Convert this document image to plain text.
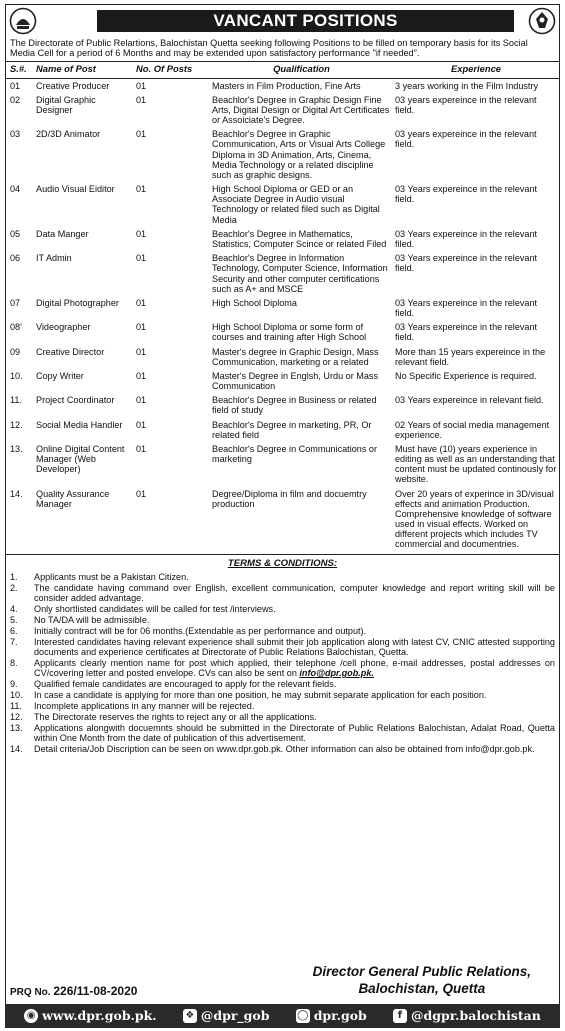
VANCANT POSITIONS
The Directorate of Public Relartions, Balochistan Quetta seeking following Positions to be filled on temporary basis for its Social Media Cell for a period of 6 Months and may be extended upon satisfactory performance "if needed".
S.#.	Name of Post	No. Of Posts	Qualification	Experience
01	Creative Producer	01	Masters in Film Production, Fine Arts	3 years working in the Film Industry
02	Digital Graphic Designer	01	Beachlor's Degree in Graphic Design Fine Arts, Digital Design or Digital Art Certificates or Assoiciate's Degree.	03 years expereince in the relevant field.
03	2D/3D Animator	01	Beachlor's Degree in Graphic Communication, Arts or Visual Arts College Diploma in 3D Animation, Arts, Cinema, Media Technology or a related discipline such as graphic designs.	03 years expereince in the relevant field.
04	Audio Visual Eiditor	01	High School Diploma or GED or an Associate Degree in Audio visual Technology or related filed such as Digital Media	03 Years expereince in the relevant field.
05	Data Manger	01	Beachlor's Degree in Mathematics, Statistics, Computer Scince or related Filed	03 Years expereince in the relevant filed.
06	IT Admin	01	Beachlor's Degree in Information Technology, Computer Science, Information Security and other computer certifications such as A+ and MSCE	03 Years expereince in the relevant field.
07	Digital Photographer	01	High School Diploma	03 Years expereince in the relevant field.
08'	Videographer	01	High School Diploma or some form of courses and training after High School	03 Years expereince in the relevant field.
09	Creative Director	01	Master's degree in Graphic Design, Mass Communication, marketing or a related	More than 15 years expereince in the relevant field.
10.	Copy Writer	01	Master's Degree in Englsh, Urdu or Mass Communication	No Specific Experience is required.
11.	Project Coordinator	01	Beachlor's Degree in Business or related field of study	03 Years expereince in relevant field.
12.	Social Media Handler	01	Beachlor's Degree in marketing, PR, Or related field	02 Years of social media management experience.
13.	Online Digital Content Manager (Web Developer)	01	Beachlor's Degree in Communications or marketing	Must have (10) years experience in editing as well as an understanding that content must be updated continously for website.
14.	Quality Assurance Manager	01	Degree/Diploma in film and docuemtry production	Over 20 years of experince in 3D/visual effects and animation Production. Comprehensive knowledge of software used in visual effects. Worked on different projects which includes TV commercial and documentries.
TERMS & CONDITIONS:
1.	Applicants must be a Pakistan Citizen.
2.	The candidate having command over English, excellent communication, computer knowledge and report writing skill will be consider added advantage.
4.	Only shortlisted candidates will be called for test /interviews.
5.	No TA/DA will be admissible.
6.	Initially contract will be for 06 months.(Extendable as per performance and output).
7.	Interested candidates having relevant experience shall submit their job application along with latest CV, CNIC attested supporting documents and experience certificates at Directorate of Public Relations Balochistan, Quetta.
8.	Applicants clearly mention name for post which applied, their telephone /cell phone, e-mail addresses, postal addresses on CV/covering letter and posted envelope. CVs can also be sent on info@dpr.gob.pk.
9.	Qualified female candidates are encouraged to apply for the relevant fields.
10.	In case a candidate is applying for more than one position, he may submit separate application for each position.
11.	Incomplete applications in any manner will be rejected.
12.	The Directorate reserves the rights to reject any or all the applications.
13.	Applications alongwith docuemnts should be submitted in the Directorate of Public Relations Balochistan, Adalat Road, Quetta within One Month from the date of publication of this advertisement.
14.	Detail criteria/Job Discription can be seen on www.dpr.gob.pk. Other information can also be obtained from info@dpr.gob.pk.
PRQ No. 226/11-08-2020
Director General Public Relations,
Balochistan, Quetta
◉ www.dpr.gob.pk.	❖ @dpr_gob	◯ dpr.gob	f @dgpr.balochistan
